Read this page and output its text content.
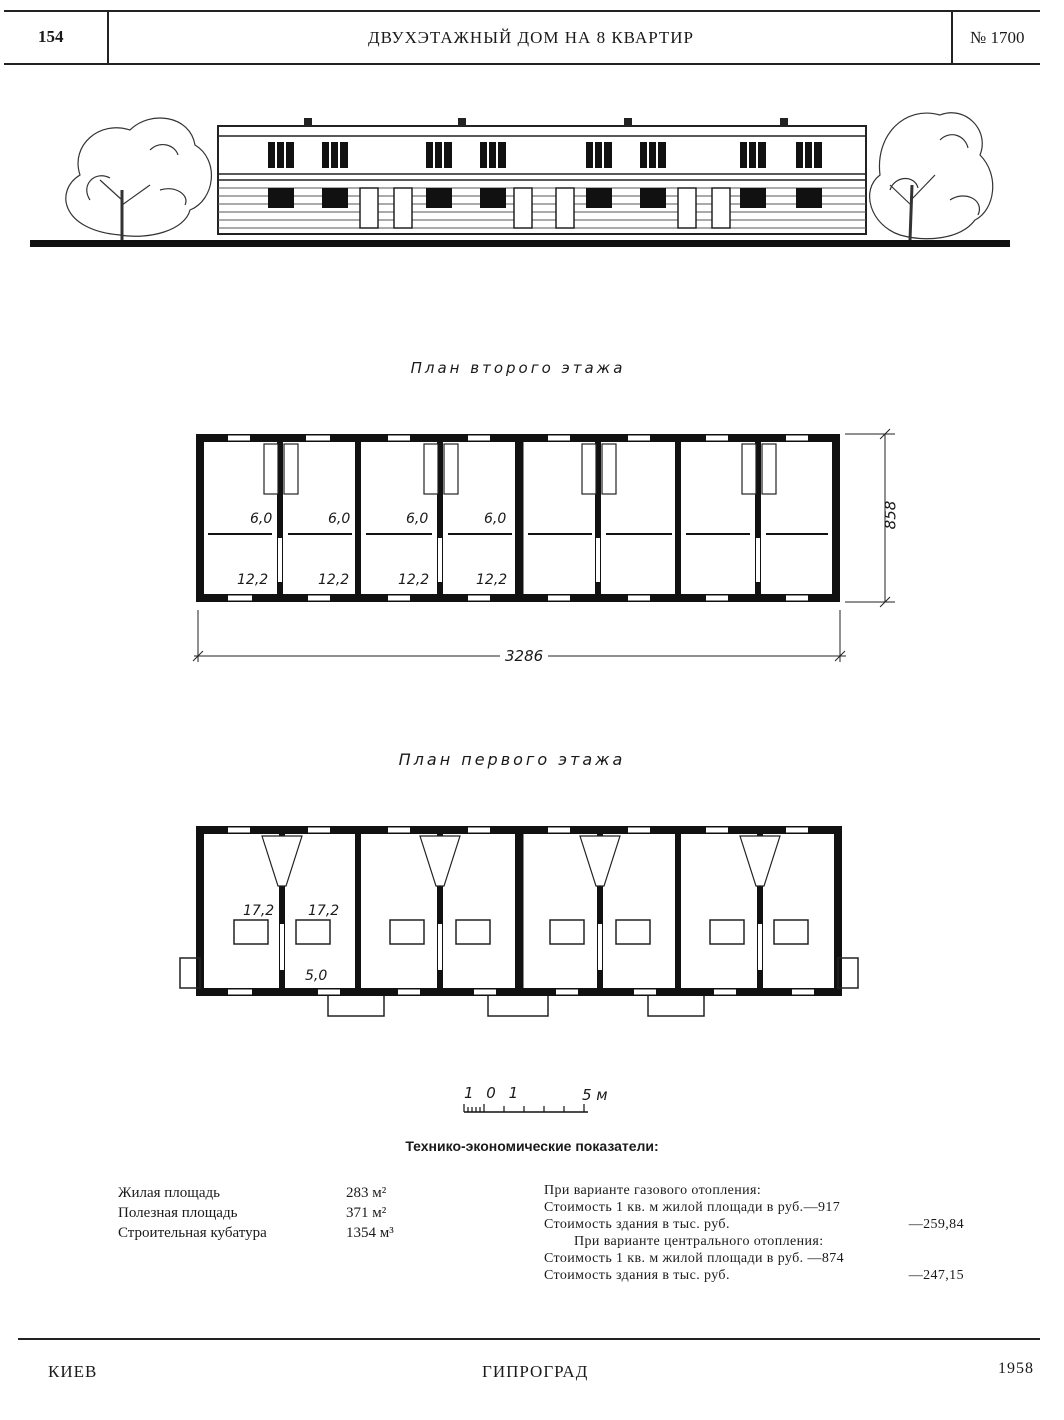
154	ДВУХЭТАЖНЫЙ ДОМ НА 8 КВАРТИР	№ 1700
План второго этажа
6,0	6,0	6,0	6,0
12,2	12,2	12,2	12,2
3286
858
План первого этажа
17,2 17,2
5,0
1 0 1	5 м
Технико-экономические показатели:
Жилая площадь	283 м²
Полезная площадь	371 м²
Строительная кубатура	1354 м³
При варианте газового отопления:
Стоимость 1 кв. м жилой площади в руб.—917
Стоимость здания в тыс. руб.	—259,84
При варианте центрального отопления:
Стоимость 1 кв. м жилой площади в руб. —874
Стоимость здания в тыс. руб.	—247,15
КИЕВ	ГИПРОГРАД	1958
